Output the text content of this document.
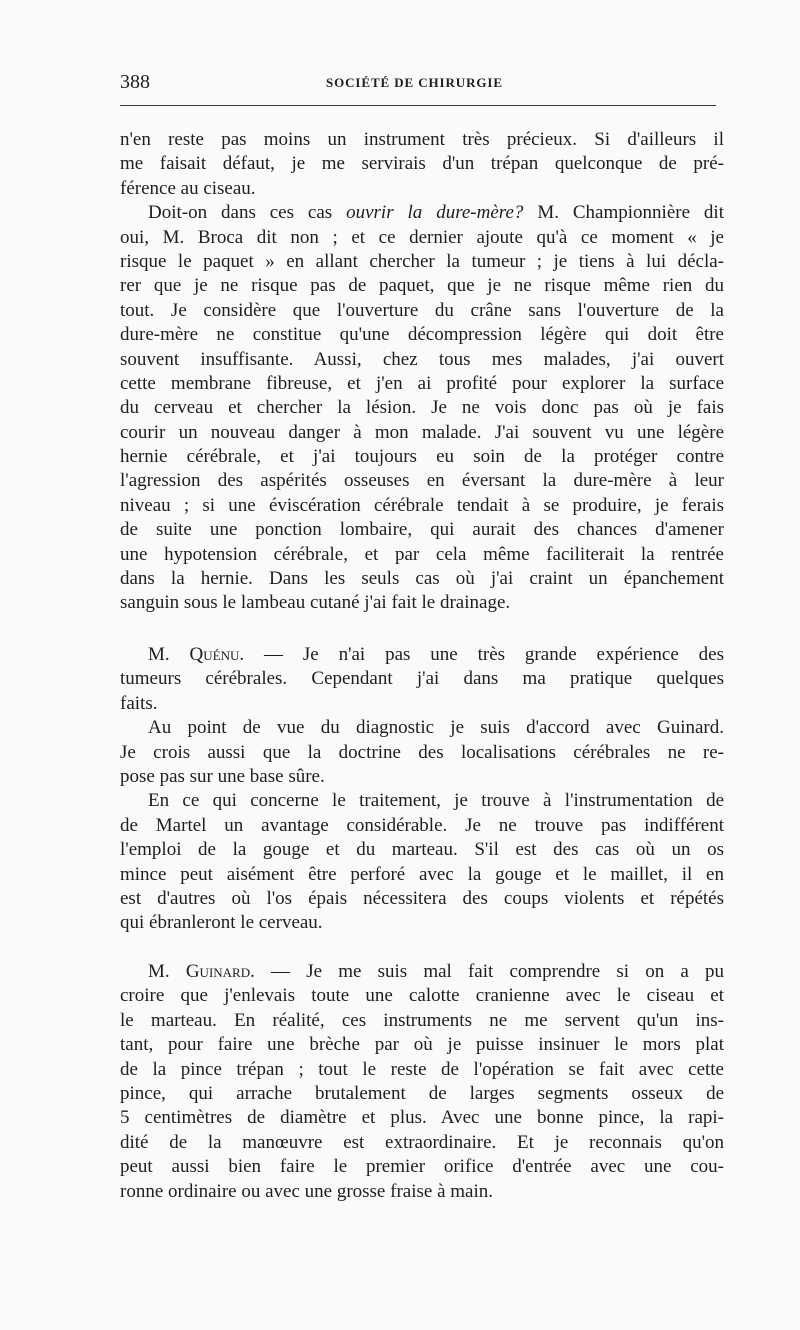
388	SOCIÉTÉ DE CHIRURGIE
n'en reste pas moins un instrument très précieux. Si d'ailleurs il
me faisait défaut, je me servirais d'un trépan quelconque de pré-
férence au ciseau.
Doit-on dans ces cas ouvrir la dure-mère? M. Championnière dit
oui, M. Broca dit non ; et ce dernier ajoute qu'à ce moment « je
risque le paquet » en allant chercher la tumeur ; je tiens à lui décla-
rer que je ne risque pas de paquet, que je ne risque même rien du
tout. Je considère que l'ouverture du crâne sans l'ouverture de la
dure-mère ne constitue qu'une décompression légère qui doit être
souvent insuffisante. Aussi, chez tous mes malades, j'ai ouvert
cette membrane fibreuse, et j'en ai profité pour explorer la surface
du cerveau et chercher la lésion. Je ne vois donc pas où je fais
courir un nouveau danger à mon malade. J'ai souvent vu une légère
hernie cérébrale, et j'ai toujours eu soin de la protéger contre
l'agression des aspérités osseuses en éversant la dure-mère à leur
niveau ; si une éviscération cérébrale tendait à se produire, je ferais
de suite une ponction lombaire, qui aurait des chances d'amener
une hypotension cérébrale, et par cela même faciliterait la rentrée
dans la hernie. Dans les seuls cas où j'ai craint un épanchement
sanguin sous le lambeau cutané j'ai fait le drainage.
M. Quénu. — Je n'ai pas une très grande expérience des
tumeurs cérébrales. Cependant j'ai dans ma pratique quelques
faits.
Au point de vue du diagnostic je suis d'accord avec Guinard.
Je crois aussi que la doctrine des localisations cérébrales ne re-
pose pas sur une base sûre.
En ce qui concerne le traitement, je trouve à l'instrumentation de
de Martel un avantage considérable. Je ne trouve pas indifférent
l'emploi de la gouge et du marteau. S'il est des cas où un os
mince peut aisément être perforé avec la gouge et le maillet, il en
est d'autres où l'os épais nécessitera des coups violents et répétés
qui ébranleront le cerveau.
M. Guinard. — Je me suis mal fait comprendre si on a pu
croire que j'enlevais toute une calotte cranienne avec le ciseau et
le marteau. En réalité, ces instruments ne me servent qu'un ins-
tant, pour faire une brèche par où je puisse insinuer le mors plat
de la pince trépan ; tout le reste de l'opération se fait avec cette
pince, qui arrache brutalement de larges segments osseux de
5 centimètres de diamètre et plus. Avec une bonne pince, la rapi-
dité de la manœuvre est extraordinaire. Et je reconnais qu'on
peut aussi bien faire le premier orifice d'entrée avec une cou-
ronne ordinaire ou avec une grosse fraise à main.
